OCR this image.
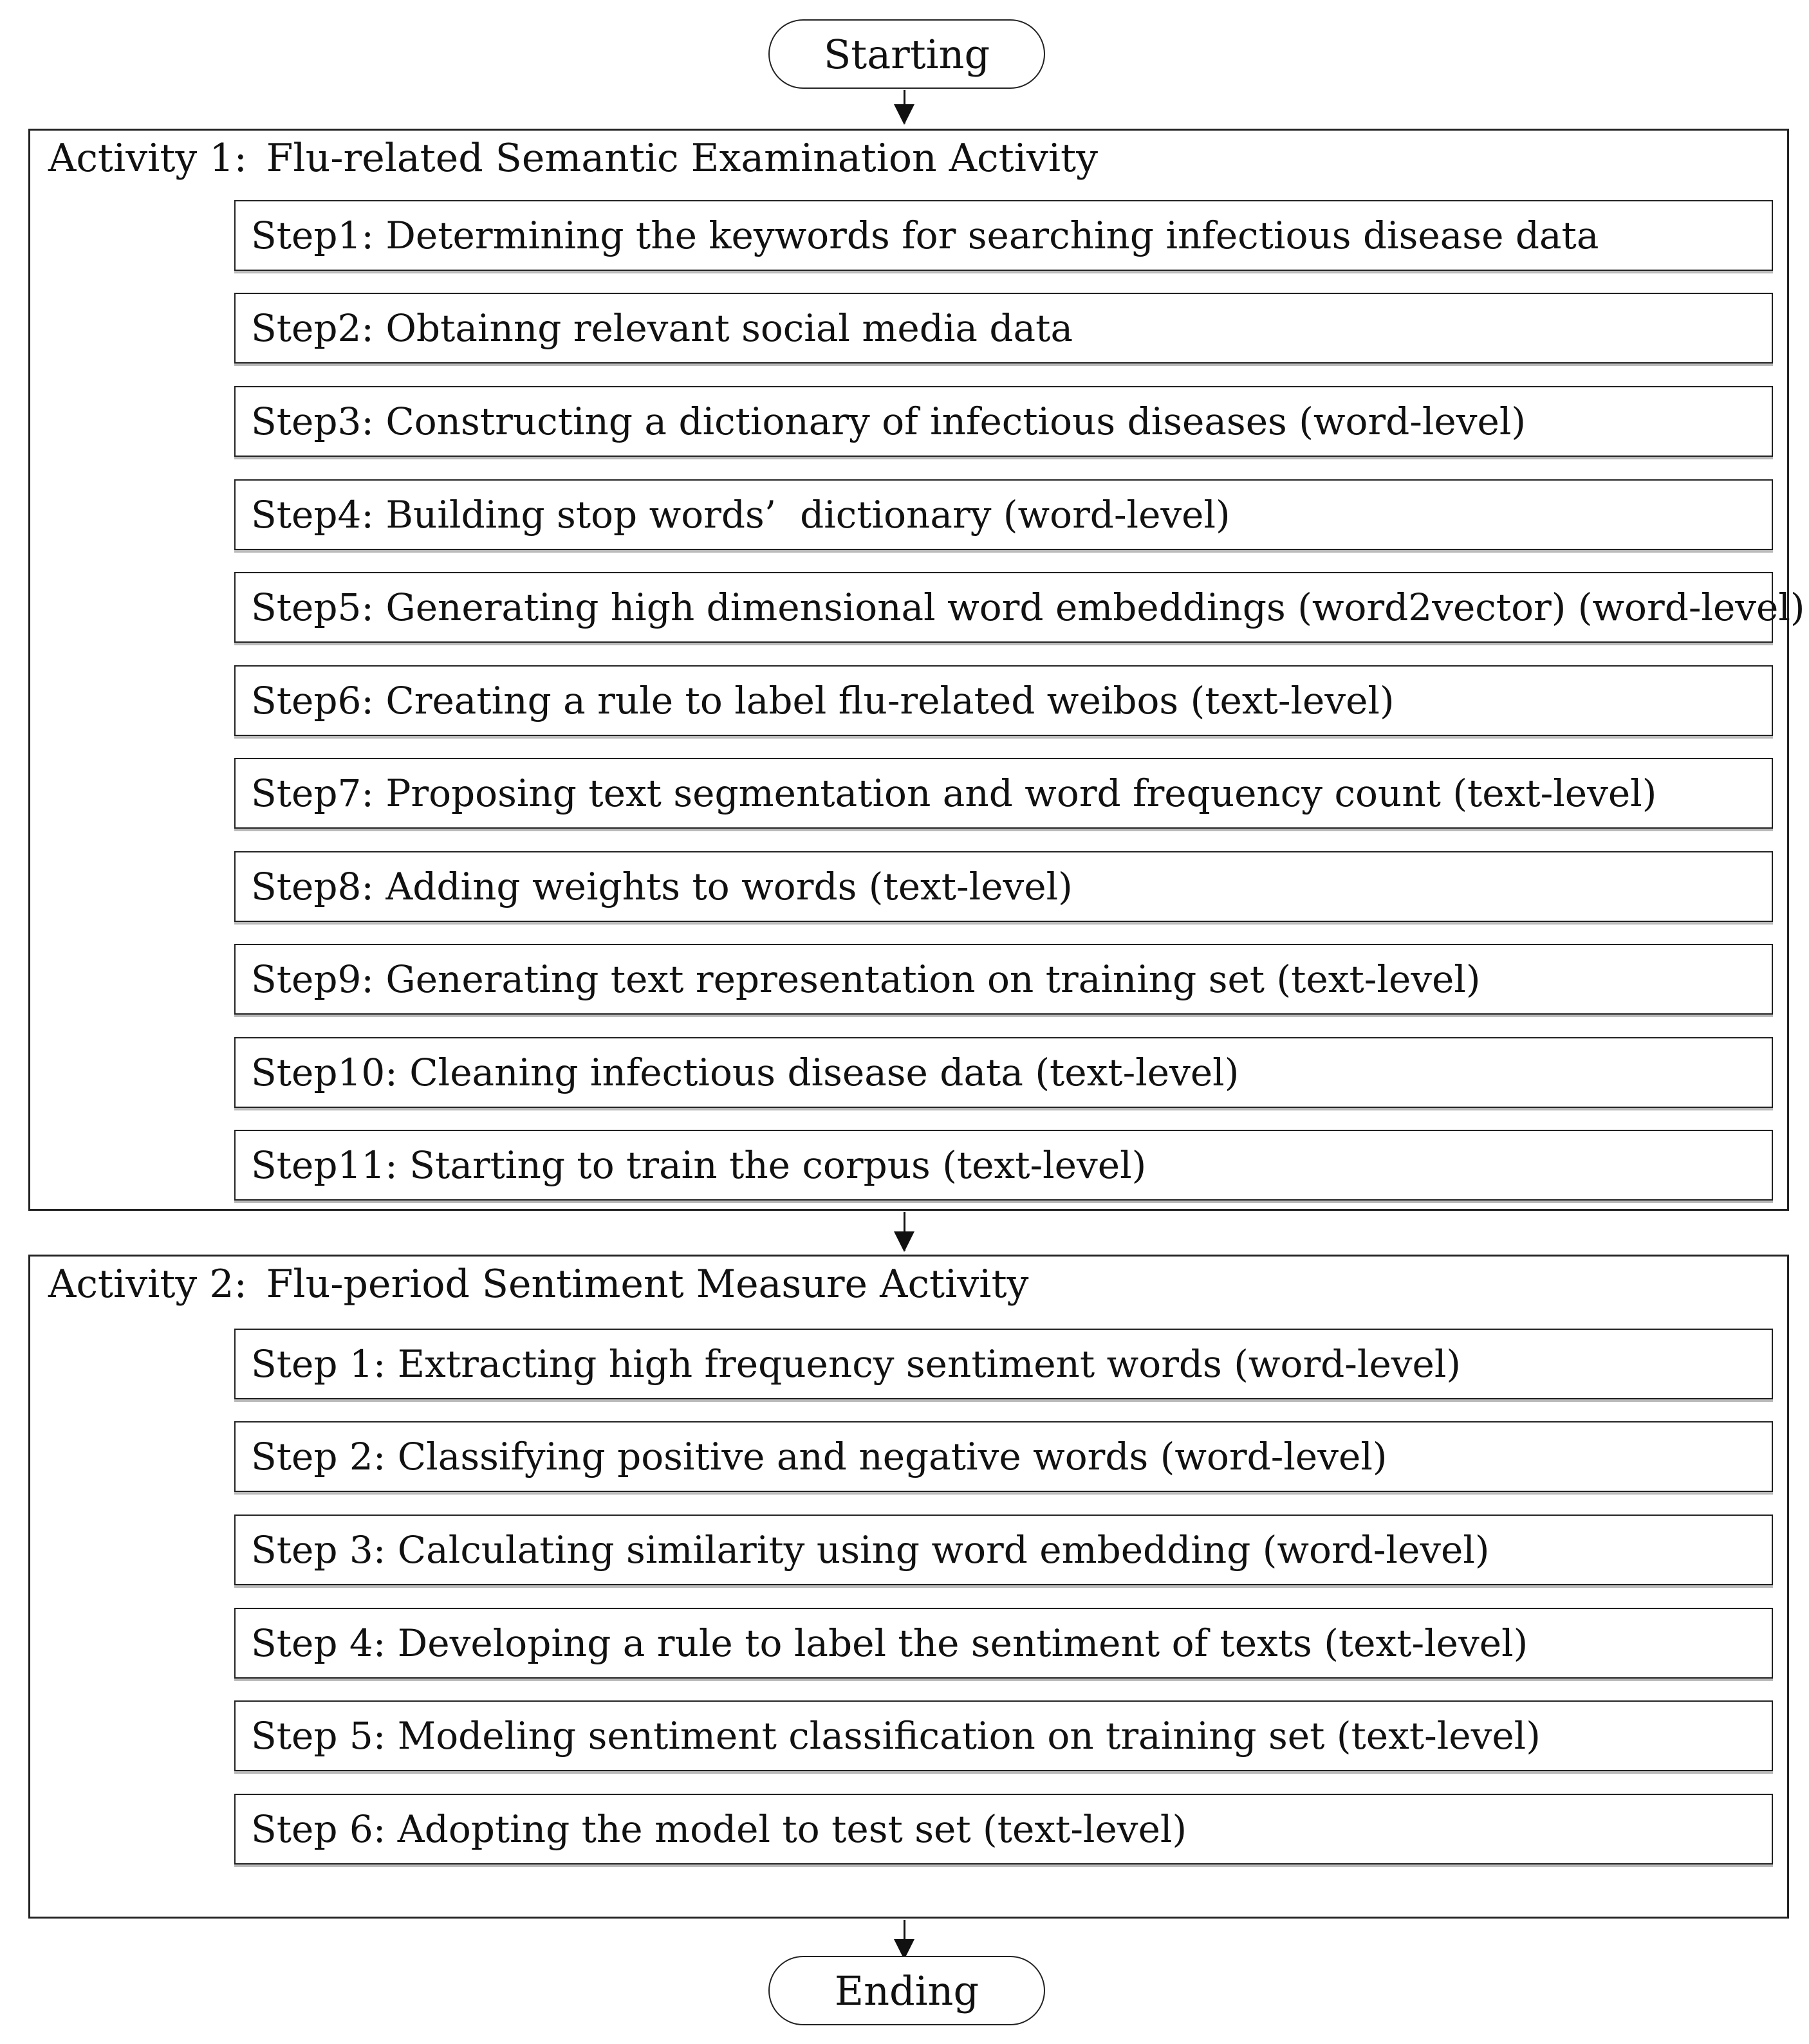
Starting
Activity 1: Flu-related Semantic Examination Activity
Step1: Determining the keywords for searching infectious disease data
Step2: Obtainng relevant social media data
Step3: Constructing a dictionary of infectious diseases (word-level)
Step4: Building stop words’  dictionary (word-level)
Step5: Generating high dimensional word embeddings (word2vector) (word-level)
Step6: Creating a rule to label flu-related weibos (text-level)
Step7: Proposing text segmentation and word frequency count (text-level)
Step8: Adding weights to words (text-level)
Step9: Generating text representation on training set (text-level)
Step10: Cleaning infectious disease data (text-level)
Step11: Starting to train the corpus (text-level)
Activity 2: Flu-period Sentiment Measure Activity
Step 1: Extracting high frequency sentiment words (word-level)
Step 2: Classifying positive and negative words (word-level)
Step 3: Calculating similarity using word embedding (word-level)
Step 4: Developing a rule to label the sentiment of texts (text-level)
Step 5: Modeling sentiment classification on training set (text-level)
Step 6: Adopting the model to test set (text-level)
Ending
